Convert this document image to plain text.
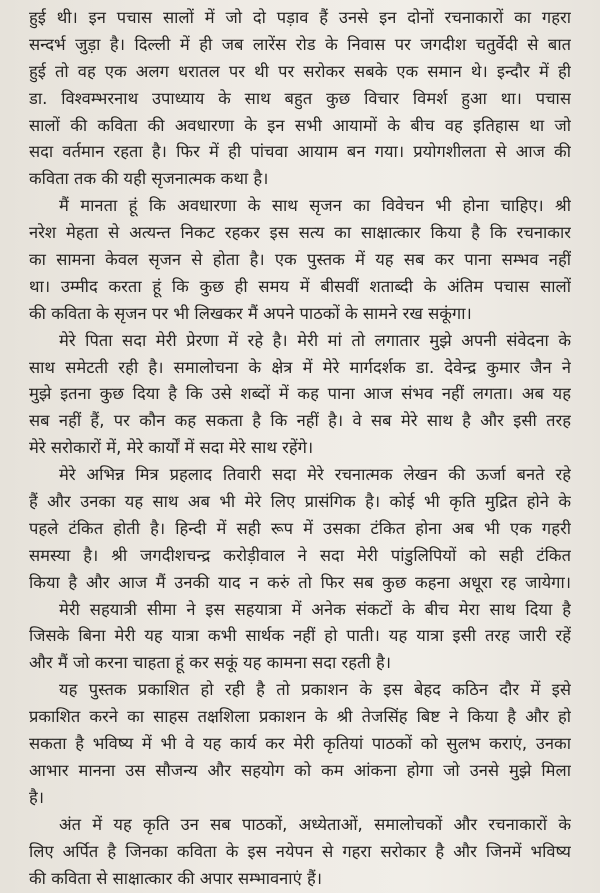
हुई थी। इन पचास सालों में जो दो पड़ाव हैं उनसे इन दोनों रचनाकारों का गहरा
सन्दर्भ जुड़ा है। दिल्ली में ही जब लारेंस रोड के निवास पर जगदीश चतुर्वेदी से बात
हुई तो वह एक अलग धरातल पर थी पर सरोकर सबके एक समान थे। इन्दौर में ही
डा. विश्वम्भरनाथ उपाध्याय के साथ बहुत कुछ विचार विमर्श हुआ था। पचास
सालों की कविता की अवधारणा के इन सभी आयामों के बीच वह इतिहास था जो
सदा वर्तमान रहता है। फिर में ही पांचवा आयाम बन गया। प्रयोगशीलता से आज की
कविता तक की यही सृजनात्मक कथा है।
मैं मानता हूं कि अवधारणा के साथ सृजन का विवेचन भी होना चाहिए। श्री
नरेश मेहता से अत्यन्त निकट रहकर इस सत्य का साक्षात्कार किया है कि रचनाकार
का सामना केवल सृजन से होता है। एक पुस्तक में यह सब कर पाना सम्भव नहीं
था। उम्मीद करता हूं कि कुछ ही समय में बीसवीं शताब्दी के अंतिम पचास सालों
की कविता के सृजन पर भी लिखकर मैं अपने पाठकों के सामने रख सकूंगा।
मेरे पिता सदा मेरी प्रेरणा में रहे है। मेरी मां तो लगातार मुझे अपनी संवेदना के
साथ समेटती रही है। समालोचना के क्षेत्र में मेरे मार्गदर्शक डा. देवेन्द्र कुमार जैन ने
मुझे इतना कुछ दिया है कि उसे शब्दों में कह पाना आज संभव नहीं लगता। अब यह
सब नहीं हैं, पर कौन कह सकता है कि नहीं है। वे सब मेरे साथ है और इसी तरह
मेरे सरोकारों में, मेरे कार्यों में सदा मेरे साथ रहेंगे।
मेरे अभिन्न मित्र प्रहलाद तिवारी सदा मेरे रचनात्मक लेखन की ऊर्जा बनते रहे
हैं और उनका यह साथ अब भी मेरे लिए प्रासंगिक है। कोई भी कृति मुद्रित होने के
पहले टंकित होती है। हिन्दी में सही रूप में उसका टंकित होना अब भी एक गहरी
समस्या है। श्री जगदीशचन्द्र करोड़ीवाल ने सदा मेरी पांडुलिपियों को सही टंकित
किया है और आज मैं उनकी याद न करुं तो फिर सब कुछ कहना अधूरा रह जायेगा।
मेरी सहयात्री सीमा ने इस सहयात्रा में अनेक संकटों के बीच मेरा साथ दिया है
जिसके बिना मेरी यह यात्रा कभी सार्थक नहीं हो पाती। यह यात्रा इसी तरह जारी रहें
और मैं जो करना चाहता हूं कर सकूं यह कामना सदा रहती है।
यह पुस्तक प्रकाशित हो रही है तो प्रकाशन के इस बेहद कठिन दौर में इसे
प्रकाशित करने का साहस तक्षशिला प्रकाशन के श्री तेजसिंह बिष्ट ने किया है और हो
सकता है भविष्य में भी वे यह कार्य कर मेरी कृतियां पाठकों को सुलभ कराएं, उनका
आभार मानना उस सौजन्य और सहयोग को कम आंकना होगा जो उनसे मुझे मिला
है।
अंत में यह कृति उन सब पाठकों, अध्येताओं, समालोचकों और रचनाकारों के
लिए अर्पित है जिनका कविता के इस नयेपन से गहरा सरोकार है और जिनमें भविष्य
की कविता से साक्षात्कार की अपार सम्भावनाएं हैं।
